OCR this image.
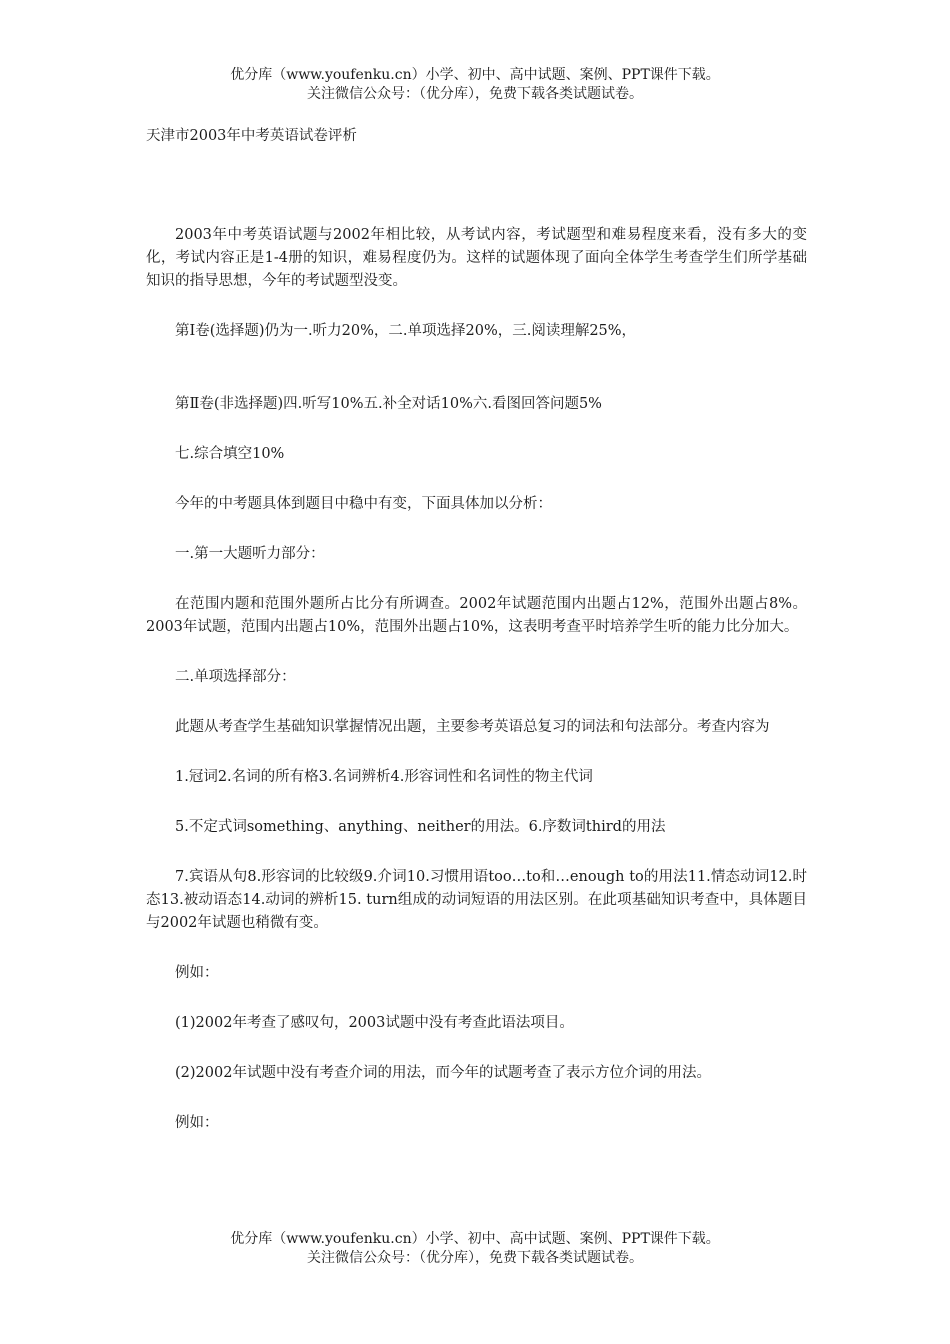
优分库（www.youfenku.cn）小学、初中、高中试题、案例、PPT课件下载。
关注微信公众号：（优分库），免费下载各类试题试卷。
天津市2003年中考英语试卷评析

2003年中考英语试题与2002年相比较，从考试内容，考试题型和难易程度来看，没有多大的变化，考试内容正是1-4册的知识，难易程度仍为。这样的试题体现了面向全体学生考查学生们所学基础知识的指导思想，今年的考试题型没变。

第Ⅰ卷(选择题)仍为一.听力20%，二.单项选择20%，三.阅读理解25%，

第Ⅱ卷(非选择题)四.听写10%五.补全对话10%六.看图回答问题5%

七.综合填空10%

今年的中考题具体到题目中稳中有变，下面具体加以分析：

一.第一大题听力部分：

在范围内题和范围外题所占比分有所调查。2002年试题范围内出题占12%，范围外出题占8%。2003年试题，范围内出题占10%，范围外出题占10%，这表明考查平时培养学生听的能力比分加大。

二.单项选择部分：

此题从考查学生基础知识掌握情况出题，主要参考英语总复习的词法和句法部分。考查内容为

1.冠词2.名词的所有格3.名词辨析4.形容词性和名词性的物主代词

5.不定式词something、anything、neither的用法。6.序数词third的用法

7.宾语从句8.形容词的比较级9.介词10.习惯用语too…to和…enough to的用法11.情态动词12.时态13.被动语态14.动词的辨析15. turn组成的动词短语的用法区别。在此项基础知识考查中，具体题目与2002年试题也稍微有变。

例如：

(1)2002年考查了感叹句，2003试题中没有考查此语法项目。

(2)2002年试题中没有考查介词的用法，而今年的试题考查了表示方位介词的用法。

例如：

优分库（www.youfenku.cn）小学、初中、高中试题、案例、PPT课件下载。
关注微信公众号：（优分库），免费下载各类试题试卷。
